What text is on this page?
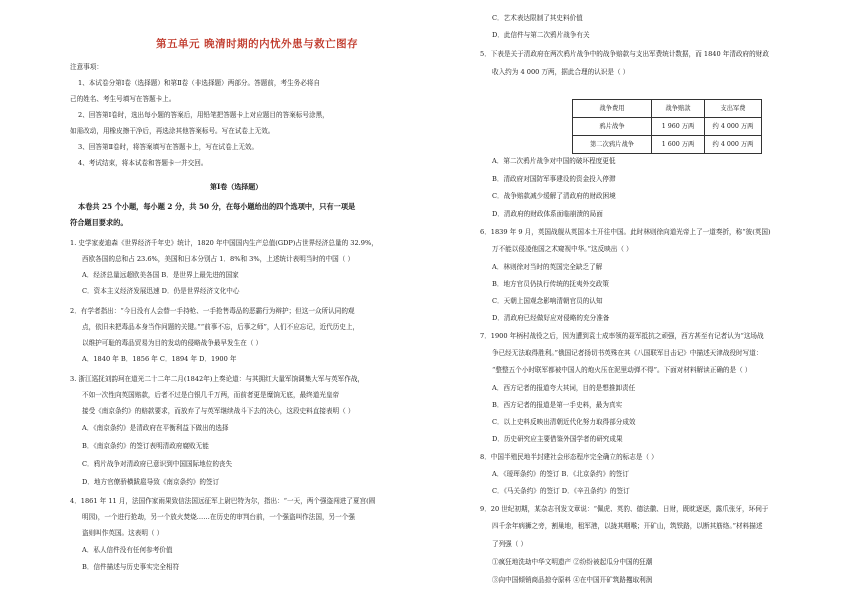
第五单元 晚清时期的内忧外患与救亡图存
注意事项：
1、本试卷分第Ⅰ卷（选择题）和第Ⅱ卷（非选择题）两部分。答题前，考生务必将自
己的姓名、考生号填写在答题卡上。
2、回答第Ⅰ卷时，选出每小题的答案后，用铅笔把答题卡上对应题目的答案标号涂黑，
如需改动，用橡皮擦干净后，再选涂其他答案标号。写在试卷上无效。
3、回答第Ⅱ卷时，将答案填写在答题卡上，写在试卷上无效。
4、考试结束，将本试卷和答题卡一并交回。
第Ⅰ卷（选择题）
本卷共 25 个小题，每小题 2 分，共 50 分，在每小题给出的四个选项中，只有一项是
符合题目要求的。
1. 史学家麦迪森《世界经济千年史》统计，1820 年中国国内生产总值(GDP)占世界经济总量的 32.9%，
西欧各国的总和占 23.6%，美国和日本分别占 1．8%和 3%，上述统计表明当时的中国（ ）
A．经济总量远超欧美各国 B．是世界上最先进的国家
C．资本主义经济发展迅速 D．仍是世界经济文化中心
2．有学者指出：“今日没有人会替一手持枪、一手抢售毒品的恶霸行为辩护；但这一众所认同的观
点，依旧未把毒品本身当作问题的关键。”“前事不忘，后事之师”，人们不应忘记，近代历史上，
以维护可耻的毒品贸易为目的发动的侵略战争最早发生在（ ）
A．1840 年 B．1856 年 C．1894 年 D．1900 年
3. 浙江巡抚刘韵珂在道光二十二年二月(1842年)上奏论道：与其拥红大量军饷调集大军与英军作战，
不如一次性向英国赔款，后者不过是白银几千万两，而前者更是糜饷无底，最终道光皇帝
接受《南京条约》的赔款要求，而放弃了与英军继续战斗下去的决心，这段史料直接表明（ ）
A．《南京条约》是清政府在平衡利益下做出的选择
B．《南京条约》的签订表明清政府腐败无能
C．鸦片战争对清政府已意识到中国国际地位的丧失
D．地方官僚骄横跋扈导致《南京条约》的签订
4．1861 年 11 月，法国作家雨果致信法国远征军上尉巴特为尔，指出：“一天，两个强盗闯进了夏宫(圆
明园)，一个进行抢劫，另一个放火焚烧……在历史的审判台前，一个强盗叫作法国，另一个强
盗则叫作英国。这表明（ ）
A．私人信件没有任何参考价值
B．信件描述与历史事实完全相符
C．艺术表达限制了其史料价值
D．此信件与第二次鸦片战争有关
5．下表是关于清政府在两次鸦片战争中的战争赔款与支出军费统计数据，而 1840 年清政府的财政
收入约为 4 000 万两，据此合理的认识是（ ）
战争费用	战争赔款	支出军费
鸦片战争	1 960 万两	约 4 000 万两
第二次鸦片战争	1 600 万两	约 4 000 万两
A．第二次鸦片战争对中国的破坏程度更低
B．清政府对国防军事建设的资金投入停滞
C．战争赔款减少缓解了清政府的财政困境
D．清政府的财政体系面临崩溃的局面
6．1839 年 9 月，英国战舰从英国本土开往中国。此时林则徐向道光帝上了一道奏折，称“彼(英国)
万不能以侵凌他国之术窥视中华。”这反映出（ ）
A．林则徐对当时的英国完全缺乏了解
B．地方官员仍执行传统的抚夷外交政策
C．天朝上国观念影响清朝官员的认知
D．清政府已经做好应对侵略的充分准备
7．1900 年柄村战役之后，因为遭到袁士成率领的聂军抵抗之顽强，西方甚至有记者认为“这场战
争已经无法取得胜利。”俄国记者扬切书英殊在其《八国联军目击记》中描述天津战役时写道：
“整整五个小时联军都被中国人的炮火压在泥里动弹不得”。下面对材料解读正确的是（ ）
A．西方记者的报道夸大其词，目的是想推卸责任
B．西方记者的报道是第一手史料，最为真实
C．以上史料反映出清朝近代化努力取得部分成效
D．历史研究应主要借鉴外国学者的研究成果
8．中国半殖民地半封建社会形态程序完全确立的标志是（ ）
A．《瑷珲条约》的签订 B．《北京条约》的签订
C．《马关条约》的签订 D．《辛丑条约》的签订
9．20 世纪初期，某杂志刊发文章说：“佩虎、英豹、德法徽、日财，既眈逐逐，露爪张牙，环伺于
四千余年病狮之旁，割巢地，租军港，以拢其咽喉；开矿山，筑铁路，以断其筋络。”材料描述
了列强（ ）
①疯狂地洗劫中华文明遗产 ②纷纷被起瓜分中国的狂潮
③向中国倾销商品掠夺原料 ④在中国开矿筑路攫取利润
